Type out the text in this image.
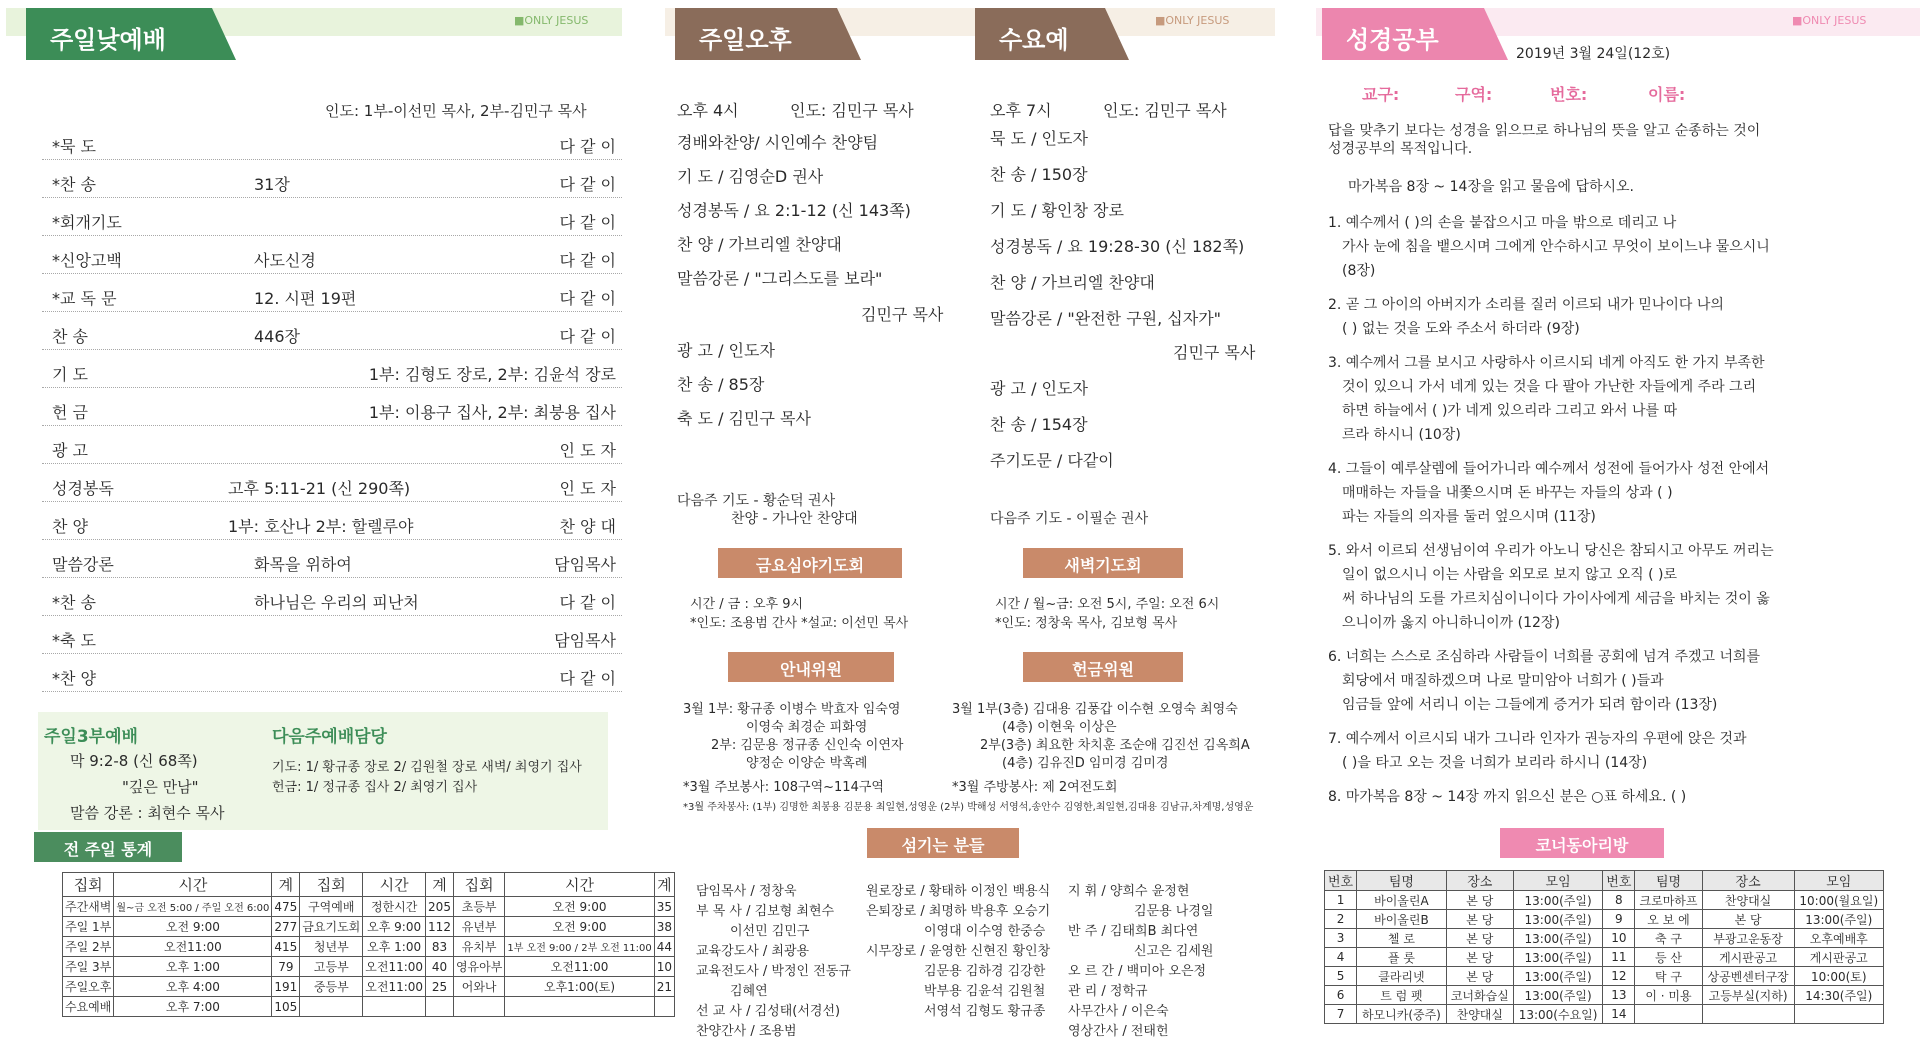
주일낮예배
■ONLY JESUS
인도: 1부-이선민 목사, 2부-김민구 목사
*묵 도	다 같 이
*찬 송	31장	다 같 이
*회개기도	다 같 이
*신앙고백	사도신경	다 같 이
*교 독 문	12. 시편 19편	다 같 이
찬 송	446장	다 같 이
기 도	1부: 김형도 장로, 2부: 김윤석 장로
헌 금	1부: 이용구 집사, 2부: 최붕용 집사
광 고	인 도 자
성경봉독	고후 5:11-21 (신 290쪽)	인 도 자
찬 양	1부: 호산나 2부: 할렐루야	찬 양 대
말씀강론	화목을 위하여	담임목사
*찬 송	하나님은 우리의 피난처	다 같 이
*축 도	담임목사
*찬 양	다 같 이
주일3부예배
막 9:2-8 (신 68쪽)
"깊은 만남"
말씀 강론 : 최현수 목사
다음주예배담당
기도: 1/ 황규종 장로 2/ 김원철 장로 새벽/ 최영기 집사
헌금: 1/ 정규종 집사 2/ 최영기 집사
전 주일 통계
집회	시간	계	집회	시간	계	집회	시간	계
주간새벽	월~금 오전 5:00 / 주일 오전 6:00	475	구역예배	정한시간	205	초등부	오전 9:00	35
주일 1부	오전 9:00	277	금요기도회	오후 9:00	112	유년부	오전 9:00	38
주일 2부	오전11:00	415	청년부	오후 1:00	83	유치부	1부 오전 9:00 / 2부 오전 11:00	44
주일 3부	오후 1:00	79	고등부	오전11:00	40	영유아부	오전11:00	10
주일오후	오후 4:00	191	중등부	오전11:00	25	어와나	오후1:00(토)	21
수요예배	오후 7:00	105						
주일오후예배
오후 4시	인도: 김민구 목사
경배와찬양/ 시인예수 찬양팀
기 도 / 김영순D 권사
성경봉독 / 요 2:1-12 (신 143쪽)
찬 양 / 가브리엘 찬양대
말씀강론 / "그리스도를 보라"
김민구 목사
광 고 / 인도자
찬 송 / 85장
축 도 / 김민구 목사
다음주 기도 - 황순덕 권사
찬양 - 가나안 찬양대
수요예배
■ONLY JESUS
오후 7시	인도: 김민구 목사
묵 도 / 인도자
찬 송 / 150장
기 도 / 황인창 장로
성경봉독 / 요 19:28-30 (신 182쪽)
찬 양 / 가브리엘 찬양대
말씀강론 / "완전한 구원, 십자가"
김민구 목사
광 고 / 인도자
찬 송 / 154장
주기도문 / 다같이
다음주 기도 - 이필순 권사
금요심야기도회
시간 / 금 : 오후 9시
*인도: 조용범 간사 *설교: 이선민 목사
새벽기도회
시간 / 월~금: 오전 5시, 주일: 오전 6시
*인도: 정창욱 목사, 김보형 목사
안내위원
3월 1부: 황규종 이병수 박효자 임숙영
이영숙 최경순 피화영
2부: 김문용 정규종 신인숙 이연자
양정순 이양순 박혹례
헌금위원
3월 1부(3층) 김대용 김풍갑 이수현 오영숙 최영숙
(4층) 이현욱 이상은
2부(3층) 최요한 차치훈 조순애 김진선 김옥희A
(4층) 김유진D 임미경 김미경
*3월 주보봉사: 108구역~114구역	*3월 주방봉사: 제 2여전도회
*3월 주차봉사: (1부) 김명한 최봉용 김문용 최일현,성영운 (2부) 박해성 서영석,송안수 김영한,최일현,김대용 김남규,차계명,성영운
섬기는 분들
담임목사 / 정창욱
부 목 사 / 김보형 최현수
이선민 김민구
교육강도사 / 최광용
교육전도사 / 박정인 전동규
김혜연
선 교 사 / 김성태(서경선)
찬양간사 / 조용범
원로장로 / 황태하 이정인 백용식
은퇴장로 / 최명하 박용후 오승기
이영대 이수영 한중승
시무장로 / 윤영한 신현진 황인창
김문용 김하경 김강한
박부용 김윤석 김원철
서영석 김형도 황규종
지 휘 / 양희수 윤정현
김문용 나경일
반 주 / 김태희B 최다연
신고은 김세원
오 르 간 / 백미아 오은정
관 리 / 정학규
사무간사 / 이은숙
영상간사 / 전태헌
성경공부
■ONLY JESUS
2019년 3월 24일(12호)
교구:	구역:	번호:	이름:
답을 맞추기 보다는 성경을 읽으므로 하나님의 뜻을 알고 순종하는 것이
성경공부의 목적입니다.
마가복음 8장 ~ 14장을 읽고 물음에 답하시오.
1. 예수께서 ( )의 손을 붙잡으시고 마을 밖으로 데리고 나
가사 눈에 침을 뱉으시며 그에게 안수하시고 무엇이 보이느냐 물으시니
(8장)
2. 곧 그 아이의 아버지가 소리를 질러 이르되 내가 믿나이다 나의
( ) 없는 것을 도와 주소서 하더라 (9장)
3. 예수께서 그를 보시고 사랑하사 이르시되 네게 아직도 한 가지 부족한
것이 있으니 가서 네게 있는 것을 다 팔아 가난한 자들에게 주라 그리
하면 하늘에서 ( )가 네게 있으리라 그리고 와서 나를 따
르라 하시니 (10장)
4. 그들이 예루살렘에 들어가니라 예수께서 성전에 들어가사 성전 안에서
매매하는 자들을 내쫓으시며 돈 바꾸는 자들의 상과 ( )
파는 자들의 의자를 둘러 엎으시며 (11장)
5. 와서 이르되 선생님이여 우리가 아노니 당신은 참되시고 아무도 꺼리는
일이 없으시니 이는 사람을 외모로 보지 않고 오직 ( )로
써 하나님의 도를 가르치심이니이다 가이사에게 세금을 바치는 것이 옳
으니이까 옳지 아니하니이까 (12장)
6. 너희는 스스로 조심하라 사람들이 너희를 공회에 넘겨 주겠고 너희를
회당에서 매질하겠으며 나로 말미암아 너희가 ( )들과
임금들 앞에 서리니 이는 그들에게 증거가 되려 함이라 (13장)
7. 예수께서 이르시되 내가 그니라 인자가 권능자의 우편에 앉은 것과
( )을 타고 오는 것을 너희가 보리라 하시니 (14장)
8. 마가복음 8장 ~ 14장 까지 읽으신 분은 ○표 하세요. ( )
코너동아리방
번호	팀명	장소	모임	번호	팀명	장소	모임
1	바이올린A	본 당	13:00(주일)	8	크로마하프	찬양대실	10:00(월요일)
2	바이올린B	본 당	13:00(주일)	9	오 보 에	본 당	13:00(주일)
3	첼 로	본 당	13:00(주일)	10	축 구	부광고운동장	오후예배후
4	플 룻	본 당	13:00(주일)	11	등 산	게시판공고	게시판공고
5	클라리넷	본 당	13:00(주일)	12	탁 구	상공벤센터구장	10:00(토)
6	트 럼 펫	코너화습실	13:00(주일)	13	이 · 미용	고등부실(지하)	14:30(주일)
7	하모니카(중주)	찬양대실	13:00(수요일)	14			
